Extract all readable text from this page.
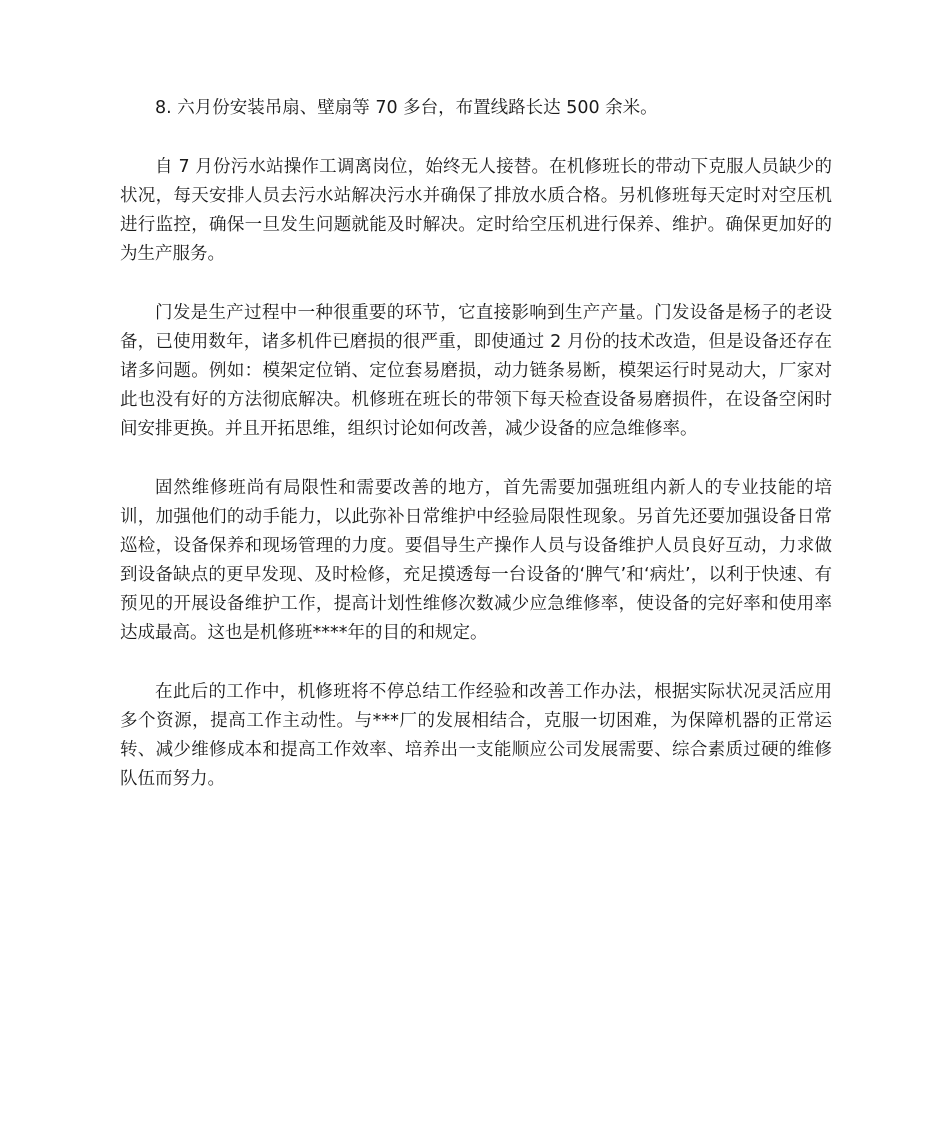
8. 六月份安装吊扇、壁扇等 70 多台，布置线路长达 500 余米。

自 7 月份污水站操作工调离岗位，始终无人接替。在机修班长的带动下克服人员缺少的状况，每天安排人员去污水站解决污水并确保了排放水质合格。另机修班每天定时对空压机进行监控，确保一旦发生问题就能及时解决。定时给空压机进行保养、维护。确保更加好的为生产服务。

门发是生产过程中一种很重要的环节，它直接影响到生产产量。门发设备是杨子的老设备，已使用数年，诸多机件已磨损的很严重，即使通过 2 月份的技术改造，但是设备还存在诸多问题。例如：模架定位销、定位套易磨损，动力链条易断，模架运行时晃动大，厂家对此也没有好的方法彻底解决。机修班在班长的带领下每天检查设备易磨损件，在设备空闲时间安排更换。并且开拓思维，组织讨论如何改善，减少设备的应急维修率。

固然维修班尚有局限性和需要改善的地方，首先需要加强班组内新人的专业技能的培训，加强他们的动手能力，以此弥补日常维护中经验局限性现象。另首先还要加强设备日常巡检，设备保养和现场管理的力度。要倡导生产操作人员与设备维护人员良好互动，力求做到设备缺点的更早发现、及时检修，充足摸透每一台设备的‘脾气’和‘病灶’，以利于快速、有预见的开展设备维护工作，提高计划性维修次数减少应急维修率，使设备的完好率和使用率达成最高。这也是机修班****年的目的和规定。

在此后的工作中，机修班将不停总结工作经验和改善工作办法，根据实际状况灵活应用多个资源，提高工作主动性。与***厂的发展相结合，克服一切困难，为保障机器的正常运转、减少维修成本和提高工作效率、培养出一支能顺应公司发展需要、综合素质过硬的维修队伍而努力。
